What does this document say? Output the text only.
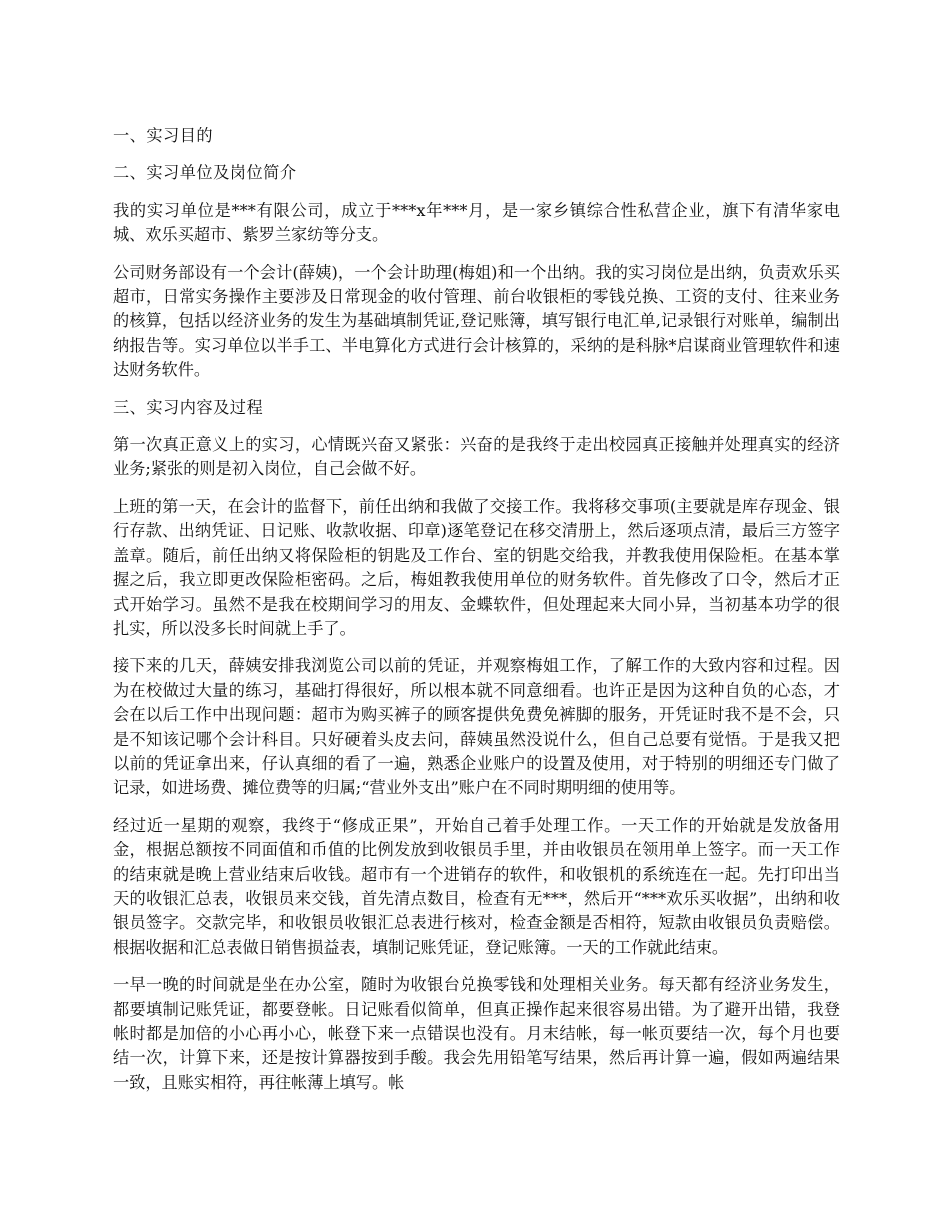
一、实习目的

二、实习单位及岗位简介

我的实习单位是***有限公司，成立于***x年***月，是一家乡镇综合性私营企业，旗下有清华家电城、欢乐买超市、紫罗兰家纺等分支。

公司财务部设有一个会计(薛姨)，一个会计助理(梅姐)和一个出纳。我的实习岗位是出纳，负责欢乐买超市，日常实务操作主要涉及日常现金的收付管理、前台收银柜的零钱兑换、工资的支付、往来业务的核算，包括以经济业务的发生为基础填制凭证,登记账簿，填写银行电汇单,记录银行对账单，编制出纳报告等。实习单位以半手工、半电算化方式进行会计核算的，采纳的是科脉*启谋商业管理软件和速达财务软件。

三、实习内容及过程

第一次真正意义上的实习，心情既兴奋又紧张：兴奋的是我终于走出校园真正接触并处理真实的经济业务;紧张的则是初入岗位，自己会做不好。

上班的第一天，在会计的监督下，前任出纳和我做了交接工作。我将移交事项(主要就是库存现金、银行存款、出纳凭证、日记账、收款收据、印章)逐笔登记在移交清册上，然后逐项点清，最后三方签字盖章。随后，前任出纳又将保险柜的钥匙及工作台、室的钥匙交给我，并教我使用保险柜。在基本掌握之后，我立即更改保险柜密码。之后，梅姐教我使用单位的财务软件。首先修改了口令，然后才正式开始学习。虽然不是我在校期间学习的用友、金蝶软件，但处理起来大同小异，当初基本功学的很扎实，所以没多长时间就上手了。

接下来的几天，薛姨安排我浏览公司以前的凭证，并观察梅姐工作，了解工作的大致内容和过程。因为在校做过大量的练习，基础打得很好，所以根本就不同意细看。也许正是因为这种自负的心态，才会在以后工作中出现问题：超市为购买裤子的顾客提供免费免裤脚的服务，开凭证时我不是不会，只是不知该记哪个会计科目。只好硬着头皮去问，薛姨虽然没说什么，但自己总要有觉悟。于是我又把以前的凭证拿出来，仔认真细的看了一遍，熟悉企业账户的设置及使用，对于特别的明细还专门做了记录，如进场费、摊位费等的归属;“营业外支出”账户在不同时期明细的使用等。

经过近一星期的观察，我终于“修成正果”，开始自己着手处理工作。一天工作的开始就是发放备用金，根据总额按不同面值和币值的比例发放到收银员手里，并由收银员在领用单上签字。而一天工作的结束就是晚上营业结束后收钱。超市有一个进销存的软件，和收银机的系统连在一起。先打印出当天的收银汇总表，收银员来交钱，首先清点数目，检查有无***，然后开“***欢乐买收据”，出纳和收银员签字。交款完毕，和收银员收银汇总表进行核对，检查金额是否相符，短款由收银员负责赔偿。根据收据和汇总表做日销售损益表，填制记账凭证，登记账簿。一天的工作就此结束。

一早一晚的时间就是坐在办公室，随时为收银台兑换零钱和处理相关业务。每天都有经济业务发生，都要填制记账凭证，都要登帐。日记账看似简单，但真正操作起来很容易出错。为了避开出错，我登帐时都是加倍的小心再小心，帐登下来一点错误也没有。月末结帐，每一帐页要结一次，每个月也要结一次，计算下来，还是按计算器按到手酸。我会先用铅笔写结果，然后再计算一遍，假如两遍结果一致，且账实相符，再往帐薄上填写。帐
